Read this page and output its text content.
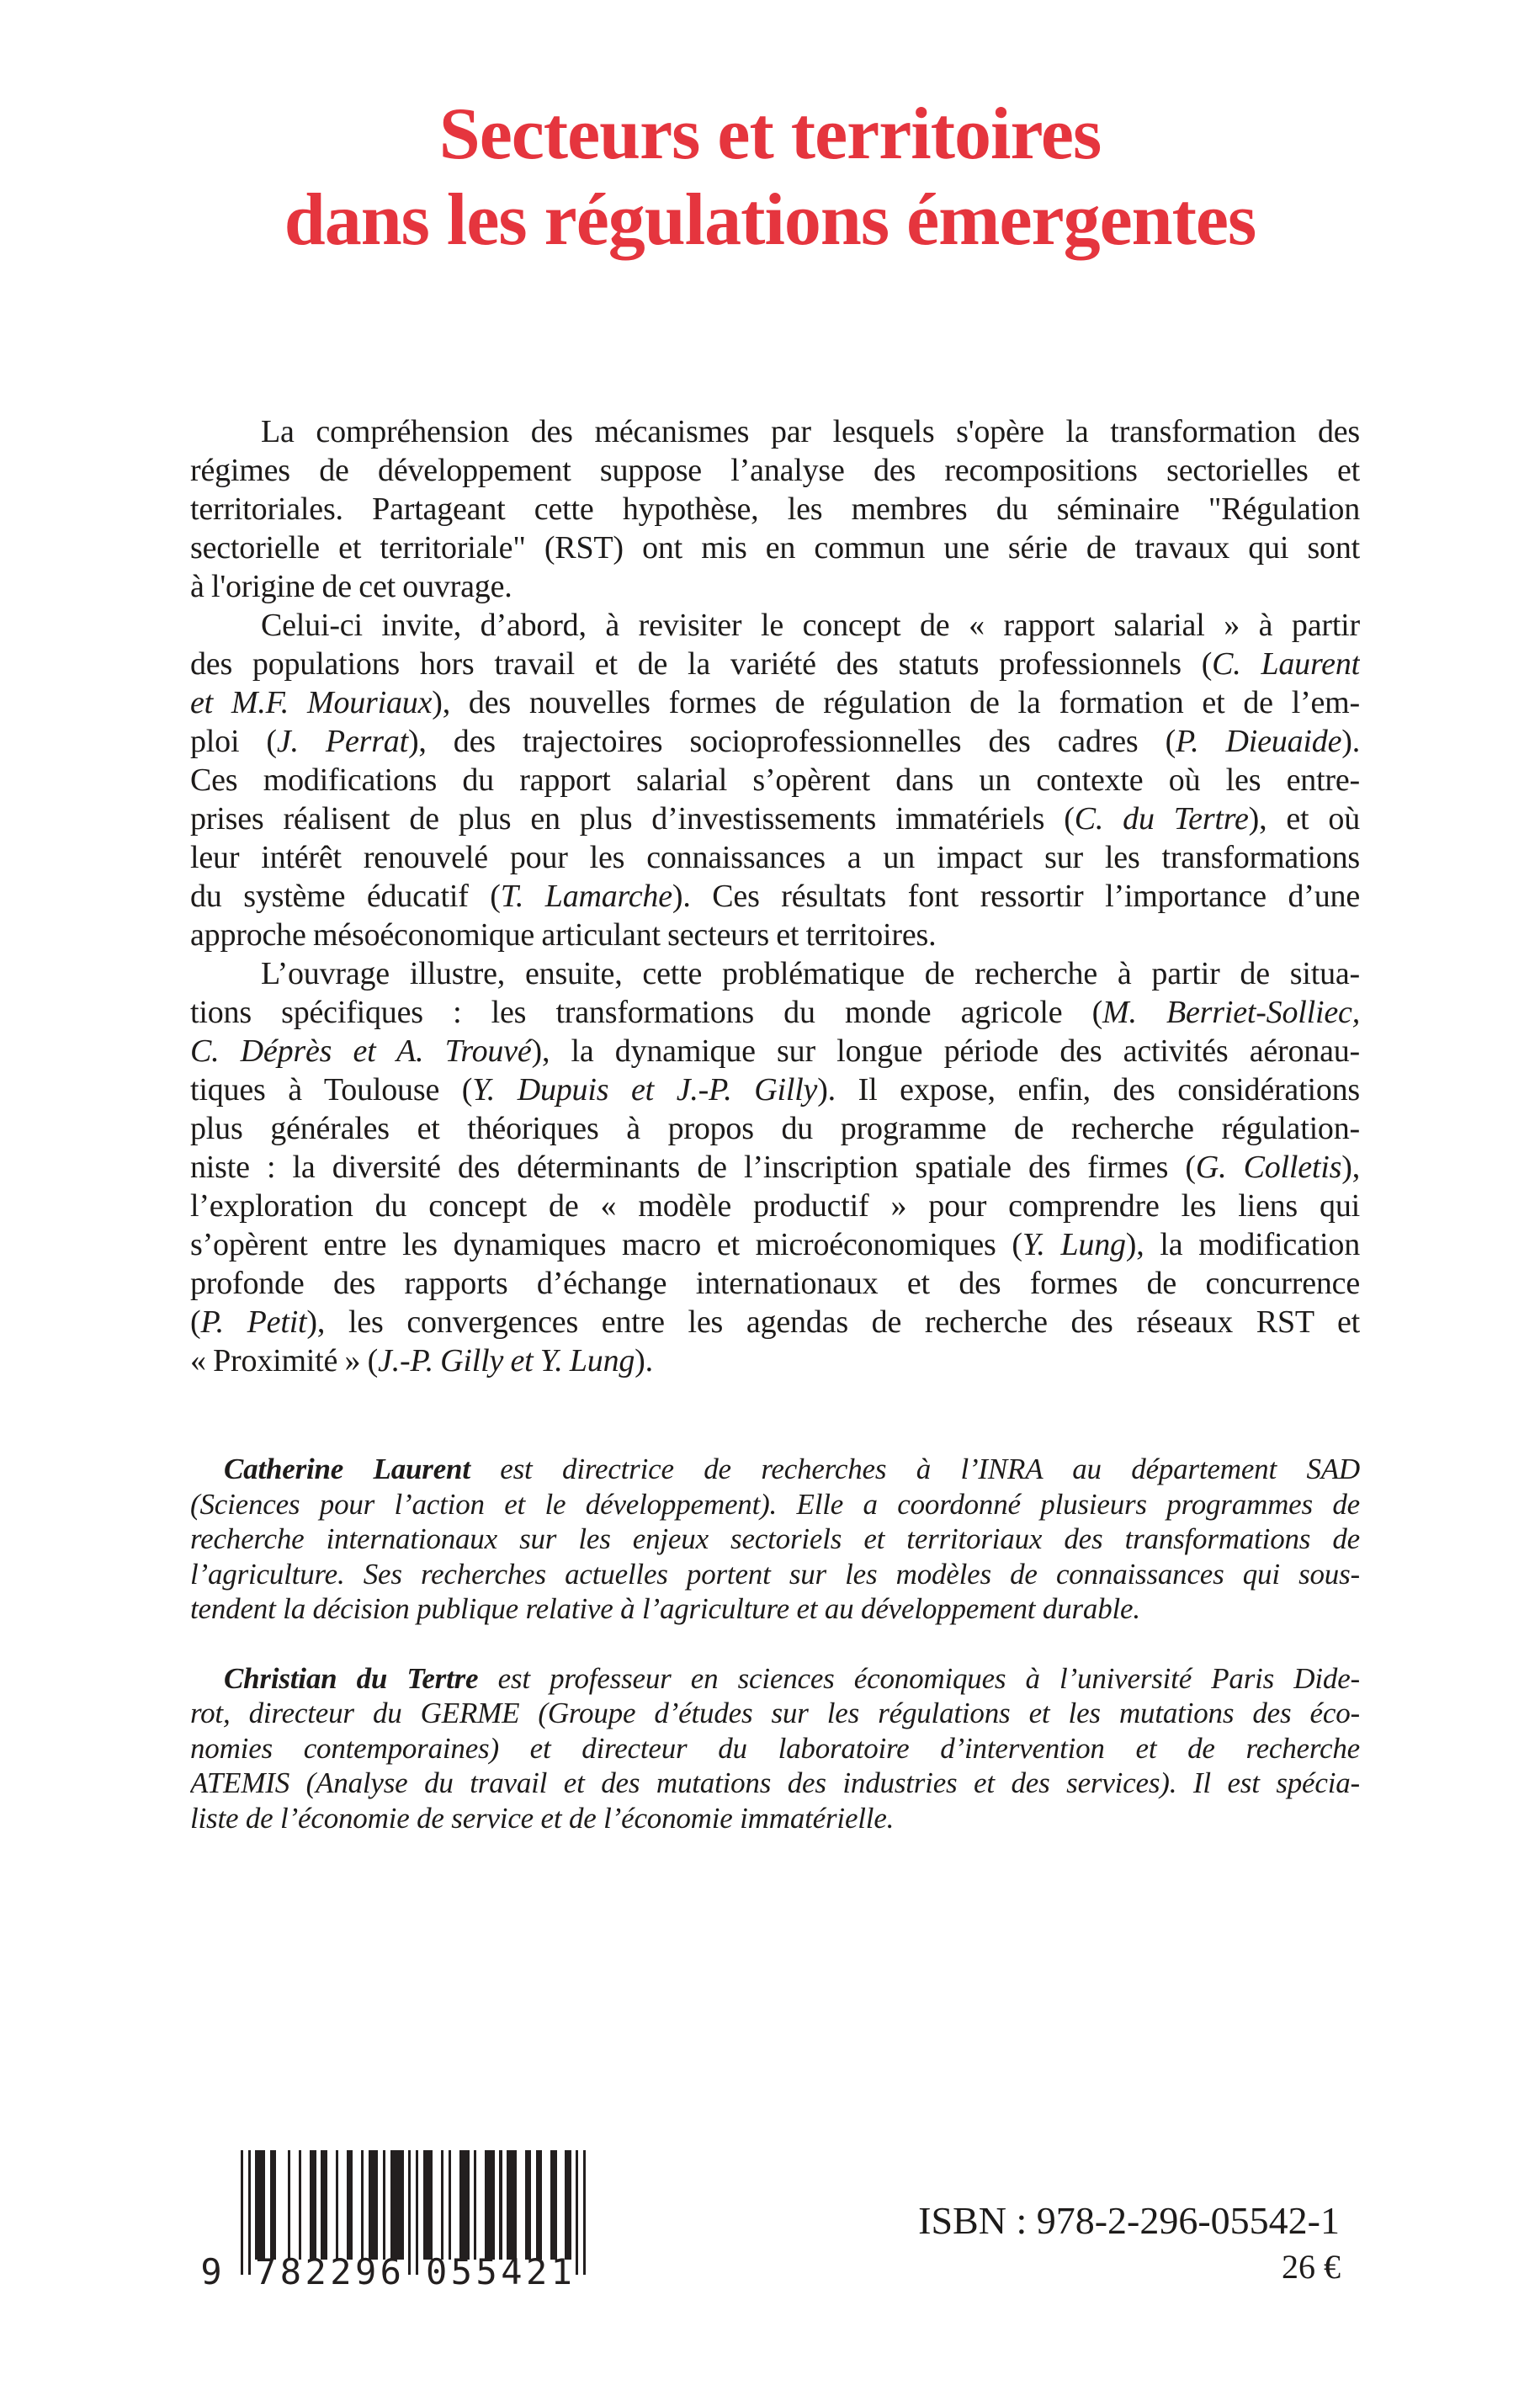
Secteurs et territoires
dans les régulations émergentes
La compréhension des mécanismes par lesquels s'opère la transformation des
régimes de développement suppose l’analyse des recompositions sectorielles et
territoriales. Partageant cette hypothèse, les membres du séminaire "Régulation
sectorielle et territoriale" (RST) ont mis en commun une série de travaux qui sont
à l'origine de cet ouvrage.
Celui-ci invite, d’abord, à revisiter le concept de « rapport salarial » à partir
des populations hors travail et de la variété des statuts professionnels (C. Laurent
et M.F. Mouriaux), des nouvelles formes de régulation de la formation et de l’em-
ploi (J. Perrat), des trajectoires socioprofessionnelles des cadres (P. Dieuaide).
Ces modifications du rapport salarial s’opèrent dans un contexte où les entre-
prises réalisent de plus en plus d’investissements immatériels (C. du Tertre), et où
leur intérêt renouvelé pour les connaissances a un impact sur les transformations
du système éducatif (T. Lamarche). Ces résultats font ressortir l’importance d’une
approche mésoéconomique articulant secteurs et territoires.
L’ouvrage illustre, ensuite, cette problématique de recherche à partir de situa-
tions spécifiques : les transformations du monde agricole (M. Berriet-Solliec,
C. Déprès et A. Trouvé), la dynamique sur longue période des activités aéronau-
tiques à Toulouse (Y. Dupuis et J.-P. Gilly). Il expose, enfin, des considérations
plus générales et théoriques à propos du programme de recherche régulation-
niste : la diversité des déterminants de l’inscription spatiale des firmes (G. Colletis),
l’exploration du concept de « modèle productif » pour comprendre les liens qui
s’opèrent entre les dynamiques macro et microéconomiques (Y. Lung), la modification
profonde des rapports d’échange internationaux et des formes de concurrence
(P. Petit), les convergences entre les agendas de recherche des réseaux RST et
« Proximité » (J.-P. Gilly et Y. Lung).
Catherine Laurent est directrice de recherches à l’INRA au département SAD
(Sciences pour l’action et le développement). Elle a coordonné plusieurs programmes de
recherche internationaux sur les enjeux sectoriels et territoriaux des transformations de
l’agriculture. Ses recherches actuelles portent sur les modèles de connaissances qui sous-
tendent la décision publique relative à l’agriculture et au développement durable.
Christian du Tertre est professeur en sciences économiques à l’université Paris Dide-
rot, directeur du GERME (Groupe d’études sur les régulations et les mutations des éco-
nomies contemporaines) et directeur du laboratoire d’intervention et de recherche
ATEMIS (Analyse du travail et des mutations des industries et des services). Il est spécia-
liste de l’économie de service et de l’économie immatérielle.
9 7 8 2 2 9 6 0 5 5 4 2 1
ISBN : 978-2-296-05542-1
26 €
